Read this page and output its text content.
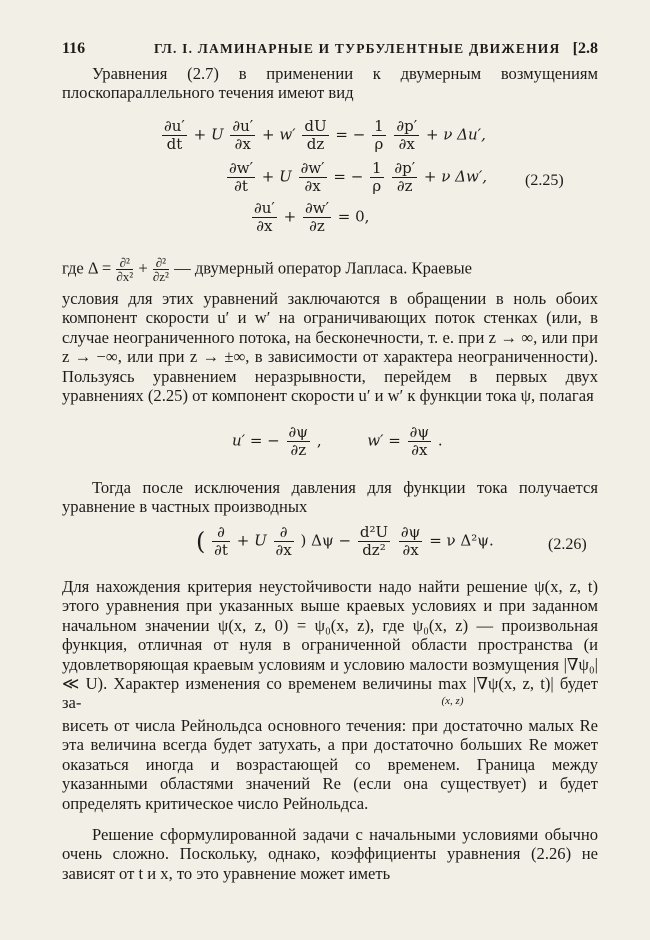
116	ГЛ. I. ЛАМИНАРНЫЕ И ТУРБУЛЕНТНЫЕ ДВИЖЕНИЯ [2.8

Уравнения (2.7) в применении к двумерным возмущениям плоскопараллельного течения имеют вид

$\frac{\partial u'}{dt} + U \frac{\partial u'}{\partial x} + w' \frac{dU}{dz}$ = − $\frac{1}{\rho}$
$\frac{\partial p'}{\partial x} + \nu$ Δu′,
$\frac{\partial w'}{\partial t} + U \frac{\partial w'}{\partial x}$ = − $\frac{1}{\rho}$
$\frac{\partial p'}{\partial z} + \nu$ Δw′, (2.25)
$\frac{\partial u'}{\partial x} + \frac{\partial w'}{\partial z} = 0$,
где $\Delta = \frac{\text{∂²}}{\text{∂x²}} + \frac{\text{∂²}}{\text{∂z²}}$ — двумерный оператор Лапласа. Краевые

условия для этих уравнений заключаются в обращении в ноль обоих компонент скорости u′ и w′ на ограничивающих поток стенках (или, в случае неограниченного потока, на бесконечности, т. е. при z → ∞, или при z → −∞, или при z → ±∞, в зависимости от характера неограниченности). Пользуясь уравнением неразрывности, перейдем в первых двух уравнениях (2.25) от компонент скорости u′ и w′ к функции тока ψ, полагая

u′ = − $\frac{\partial\psi}{\partial z}$ ,	$w' = \frac{\partial\psi}{\partial x}$ .

Тогда после исключения давления для функции тока получается уравнение в частных производных

( $\frac{\partial}{\partial t} + U \frac{\partial}{\partial x}$ ) $\Delta\psi - \frac{\text{d²U}}{\text{dz²}}$
$\frac{\partial\psi}{\partial x} = \nu$ Δ²ψ.	(2.26)

Для нахождения критерия неустойчивости надо найти решение ψ(x, z, t) этого уравнения при указанных выше краевых условиях и при заданном начальном значении ψ(x, z, 0) = ψ₀(x, z), где ψ₀(x, z) — произвольная функция, отличная от нуля в ограниченной области пространства (и удовлетворяющая краевым условиям и условию малости возмущения |∇ψ₀| ≪ U). Характер изменения со временем величины max
(x, z)
|∇ψ(x, z, t)| будет за-

висеть от числа Рейнольдса основного течения: при достаточно малых Re эта величина всегда будет затухать, а при достаточно больших Re может оказаться иногда и возрастающей со временем. Граница между указанными областями значений Re (если она существует) и будет определять критическое число Рейнольдса.

Решение сформулированной задачи с начальными условиями обычно очень сложно. Поскольку, однако, коэффициенты уравнения (2.26) не зависят от t и x, то это уравнение может иметь
